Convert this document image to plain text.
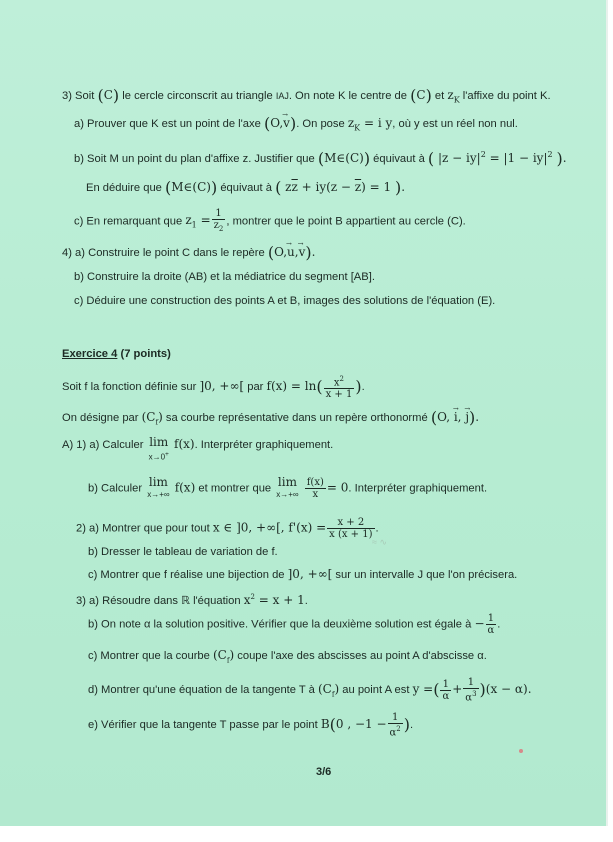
3) Soit (C) le cercle circonscrit au triangle IAJ. On note K le centre de (C) et $z_K$ l'affixe du point K.
a) Prouver que K est un point de l'axe (O,→ v). On pose $z_K = i$ y, où y est un réel non nul.
b) Soit M un point du plan d'affixe z. Justifier que (M∈(C)) équivaut à ( $|z - iy|^2 = |1 - iy|^2$ ).
En déduire que (M∈(C)) équivaut à ( $z\overline{z} + iy(z - \overline{z}) = 1$ ).
c) En remarquant que $z_1 = \frac{1}{z_2}$ , montrer que le point B appartient au cercle (C).
4) a) Construire le point C dans le repère (O,→ u,→ v).
b) Construire la droite (AB) et la médiatrice du segment [AB].
c) Déduire une construction des points A et B, images des solutions de l'équation (E).
Exercice 4 (7 points)
Soit f la fonction définie sur ]0, +∞[ par $f(x) = \ln( \frac{x^2}{x + 1}$ ).
On désigne par $(C_f)$ sa courbe représentative dans un repère orthonormé (O, → i, → j).
A) 1) a) Calculer lim
x→0+
f(x). Interpréter graphiquement.
b) Calculer lim
x→+∞
f(x) et montrer que lim
x→+∞
$\frac{f(x)}{x} = 0$. Interpréter graphiquement.
2) a) Montrer que pour tout x ∈ ]0, +∞[, $f'(x) = \frac{x + 2}{x (x + 1)}$ .
b) Dresser le tableau de variation de f.
c) Montrer que f réalise une bijection de ]0, +∞[ sur un intervalle J que l'on précisera.
3) a) Résoudre dans ℝ l'équation $x^2 = x + 1$.
b) On note α la solution positive. Vérifier que la deuxième solution est égale à − $\frac{1}{\alpha}$ .
c) Montrer que la courbe $(C_f)$ coupe l'axe des abscisses au point A d'abscisse α.
d) Montrer qu'une équation de la tangente T à $(C_f)$ au point A est y =( $\frac{1}{\alpha} + \frac{1}{\alpha^3} )(x - \alpha)$.
e) Vérifier que la tangente T passe par le point B(0 , $-1 - \frac{1}{\alpha^2}$ ).
≈ ∿
3/6
